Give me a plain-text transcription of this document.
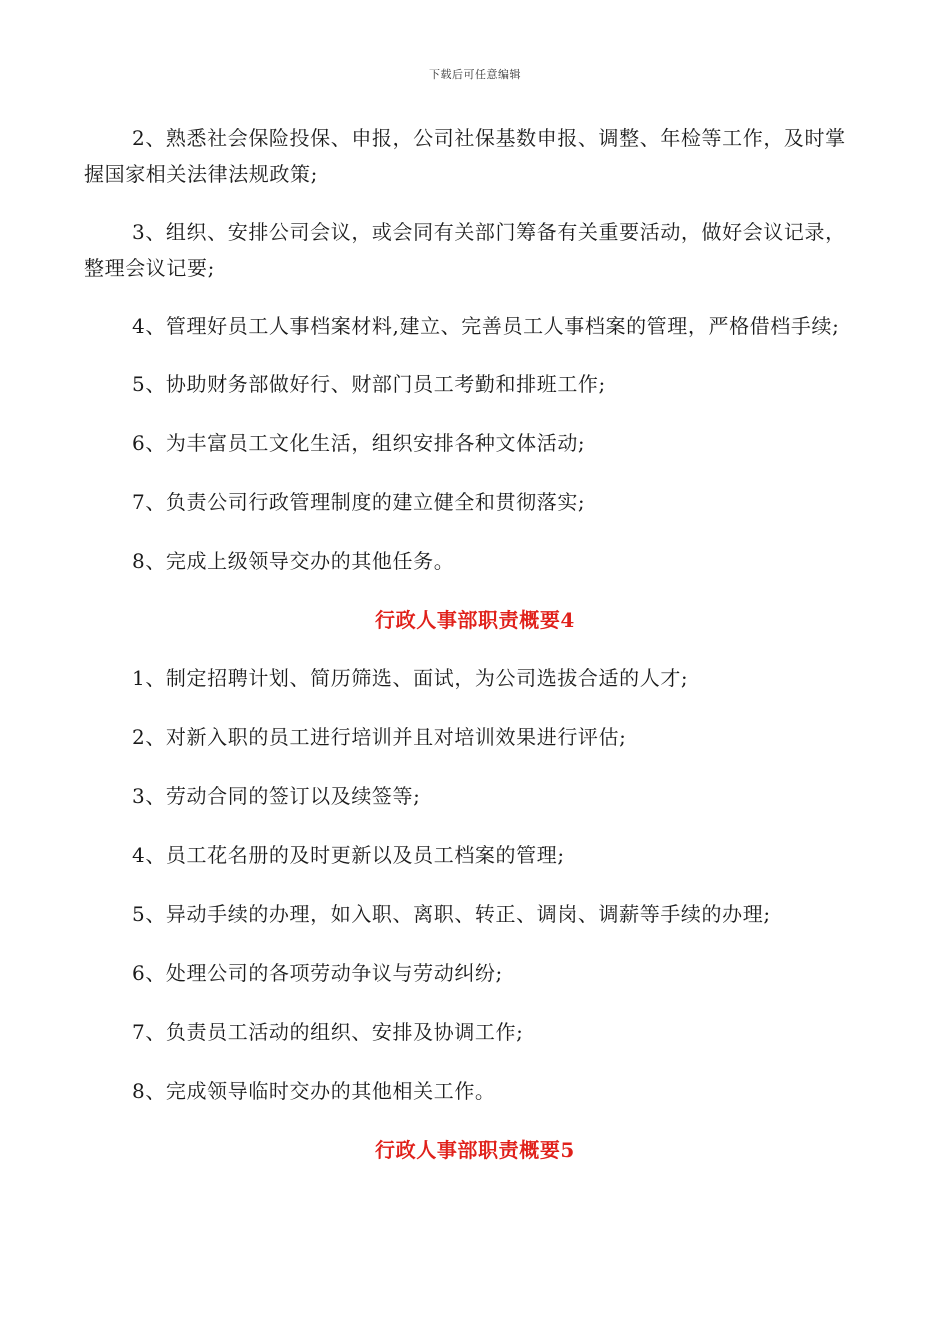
下载后可任意编辑

2、熟悉社会保险投保、申报，公司社保基数申报、调整、年检等工作，及时掌握国家相关法律法规政策;

3、组织、安排公司会议，或会同有关部门筹备有关重要活动，做好会议记录，整理会议记要;

4、管理好员工人事档案材料,建立、完善员工人事档案的管理，严格借档手续;

5、协助财务部做好行、财部门员工考勤和排班工作;

6、为丰富员工文化生活，组织安排各种文体活动;

7、负责公司行政管理制度的建立健全和贯彻落实;

8、完成上级领导交办的其他任务。

行政人事部职责概要4

1、制定招聘计划、简历筛选、面试，为公司选拔合适的人才;

2、对新入职的员工进行培训并且对培训效果进行评估;

3、劳动合同的签订以及续签等;

4、员工花名册的及时更新以及员工档案的管理;

5、异动手续的办理，如入职、离职、转正、调岗、调薪等手续的办理;

6、处理公司的各项劳动争议与劳动纠纷;

7、负责员工活动的组织、安排及协调工作;

8、完成领导临时交办的其他相关工作。

行政人事部职责概要5
